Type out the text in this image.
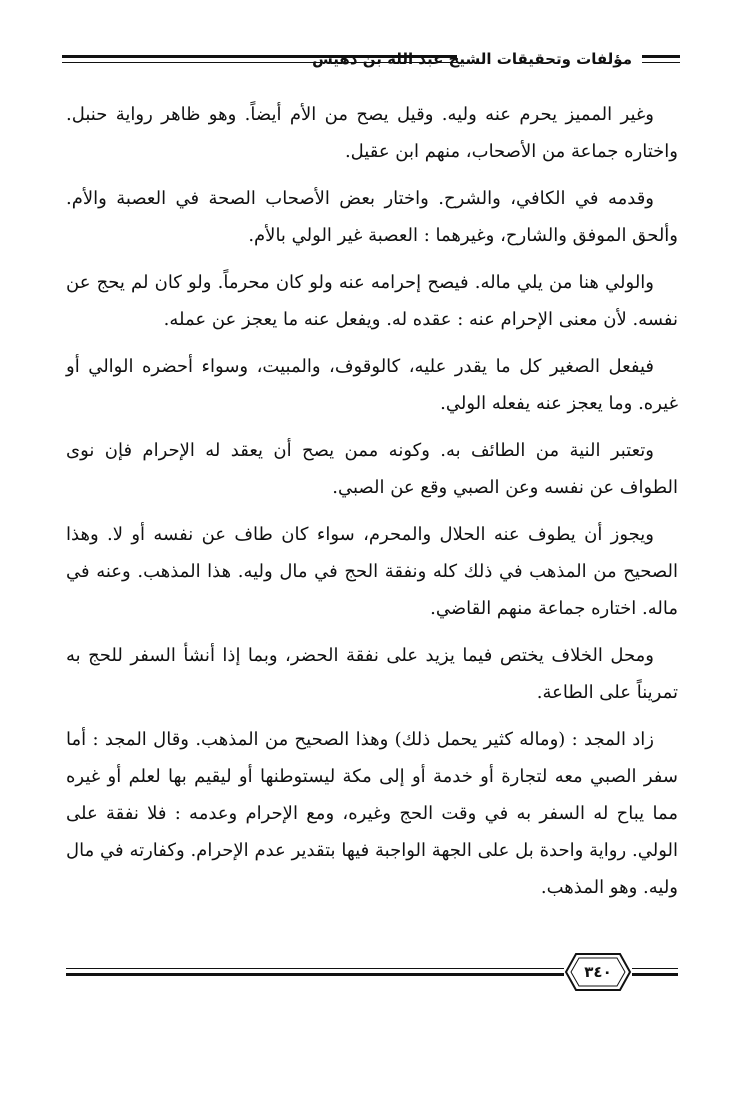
مؤلفات وتحقيقات الشيخ عبد الله بن دهيش

وغير المميز يحرم عنه وليه. وقيل يصح من الأم أيضاً. وهو ظاهر رواية حنبل. واختاره جماعة من الأصحاب، منهم ابن عقيل.

وقدمه في الكافي، والشرح. واختار بعض الأصحاب الصحة في العصبة والأم. وألحق الموفق والشارح، وغيرهما : العصبة غير الولي بالأم.

والولي هنا من يلي ماله. فيصح إحرامه عنه ولو كان محرماً. ولو كان لم يحج عن نفسه. لأن معنى الإحرام عنه : عقده له. ويفعل عنه ما يعجز عن عمله.

فيفعل الصغير كل ما يقدر عليه، كالوقوف، والمبيت، وسواء أحضره الوالي أو غيره. وما يعجز عنه يفعله الولي.

وتعتبر النية من الطائف به. وكونه ممن يصح أن يعقد له الإحرام فإن نوى الطواف عن نفسه وعن الصبي وقع عن الصبي.

ويجوز أن يطوف عنه الحلال والمحرم، سواء كان طاف عن نفسه أو لا. وهذا الصحيح من المذهب في ذلك كله ونفقة الحج في مال وليه. هذا المذهب. وعنه في ماله. اختاره جماعة منهم القاضي.

ومحل الخلاف يختص فيما يزيد على نفقة الحضر، وبما إذا أنشأ السفر للحج به تمريناً على الطاعة.

زاد المجد : (وماله كثير يحمل ذلك) وهذا الصحيح من المذهب. وقال المجد : أما سفر الصبي معه لتجارة أو خدمة أو إلى مكة ليستوطنها أو ليقيم بها لعلم أو غيره مما يباح له السفر به في وقت الحج وغيره، ومع الإحرام وعدمه : فلا نفقة على الولي. رواية واحدة بل على الجهة الواجبة فيها بتقدير عدم الإحرام. وكفارته في مال وليه. وهو المذهب.

٣٤٠
